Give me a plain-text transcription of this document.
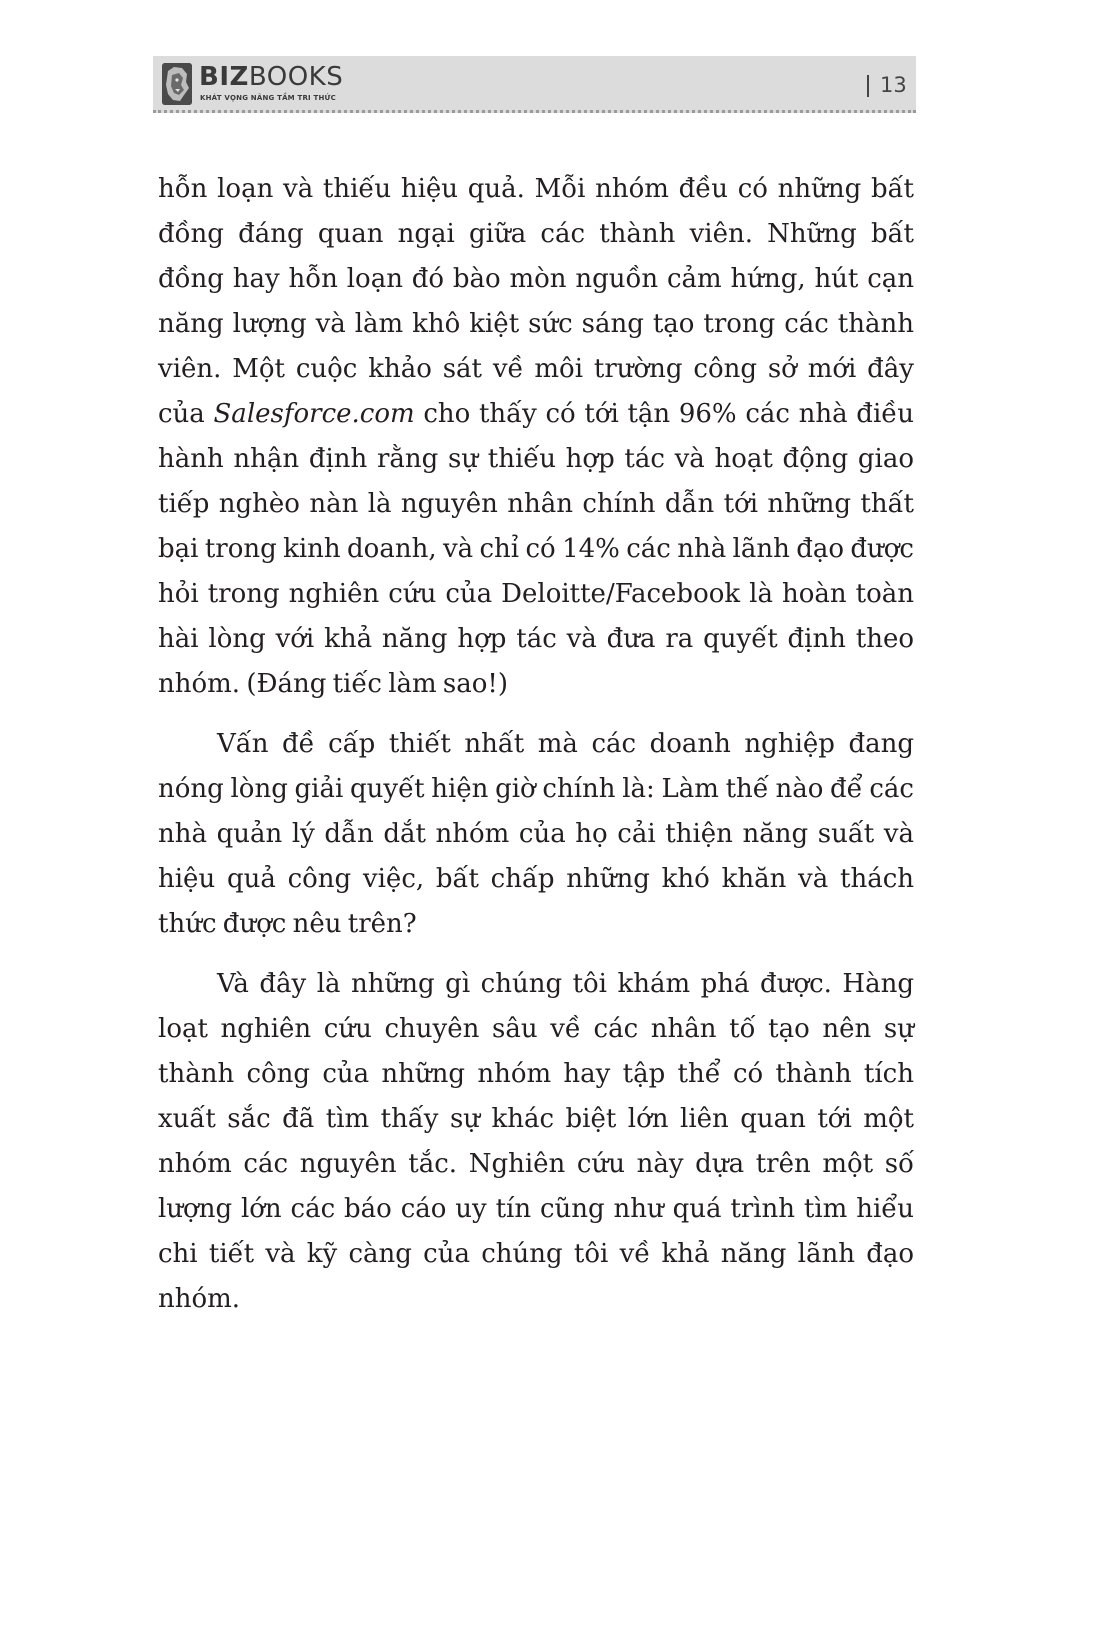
BIZBOOKS
KHÁT VỌNG NÂNG TẦM TRI THỨC
13

hỗn loạn và thiếu hiệu quả. Mỗi nhóm đều có những bất đồng đáng quan ngại giữa các thành viên. Những bất đồng hay hỗn loạn đó bào mòn nguồn cảm hứng, hút cạn năng lượng và làm khô kiệt sức sáng tạo trong các thành viên. Một cuộc khảo sát về môi trường công sở mới đây của Salesforce.com cho thấy có tới tận 96% các nhà điều hành nhận định rằng sự thiếu hợp tác và hoạt động giao tiếp nghèo nàn là nguyên nhân chính dẫn tới những thất bại trong kinh doanh, và chỉ có 14% các nhà lãnh đạo được hỏi trong nghiên cứu của Deloitte/Facebook là hoàn toàn hài lòng với khả năng hợp tác và đưa ra quyết định theo nhóm. (Đáng tiếc làm sao!)

Vấn đề cấp thiết nhất mà các doanh nghiệp đang nóng lòng giải quyết hiện giờ chính là: Làm thế nào để các nhà quản lý dẫn dắt nhóm của họ cải thiện năng suất và hiệu quả công việc, bất chấp những khó khăn và thách thức được nêu trên?

Và đây là những gì chúng tôi khám phá được. Hàng loạt nghiên cứu chuyên sâu về các nhân tố tạo nên sự thành công của những nhóm hay tập thể có thành tích xuất sắc đã tìm thấy sự khác biệt lớn liên quan tới một nhóm các nguyên tắc. Nghiên cứu này dựa trên một số lượng lớn các báo cáo uy tín cũng như quá trình tìm hiểu chi tiết và kỹ càng của chúng tôi về khả năng lãnh đạo nhóm.
